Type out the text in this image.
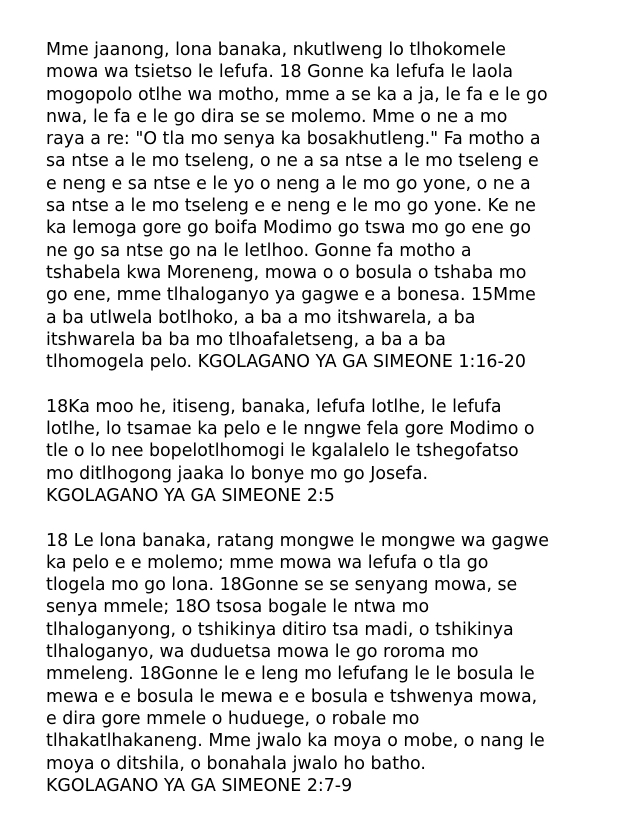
Mme jaanong, lona banaka, nkutlweng lo tlhokomele
mowa wa tsietso le lefufa. 18 Gonne ka lefufa le laola
mogopolo otlhe wa motho, mme a se ka a ja, le fa e le go
nwa, le fa e le go dira se se molemo. Mme o ne a mo
raya a re: "O tla mo senya ka bosakhutleng." Fa motho a
sa ntse a le mo tseleng, o ne a sa ntse a le mo tseleng e
e neng e sa ntse e le yo o neng a le mo go yone, o ne a
sa ntse a le mo tseleng e e neng e le mo go yone. Ke ne
ka lemoga gore go boifa Modimo go tswa mo go ene go
ne go sa ntse go na le letlhoo. Gonne fa motho a
tshabela kwa Moreneng, mowa o o bosula o tshaba mo
go ene, mme tlhaloganyo ya gagwe e a bonesa. 15Mme
a ba utlwela botlhoko, a ba a mo itshwarela, a ba
itshwarela ba ba mo tlhoafaletseng, a ba a ba
tlhomogela pelo. KGOLAGANO YA GA SIMEONE 1:16-20
18Ka moo he, itiseng, banaka, lefufa lotlhe, le lefufa
lotlhe, lo tsamae ka pelo e le nngwe fela gore Modimo o
tle o lo nee bopelotlhomogi le kgalalelo le tshegofatso
mo ditlhogong jaaka lo bonye mo go Josefa.
KGOLAGANO YA GA SIMEONE 2:5
18 Le lona banaka, ratang mongwe le mongwe wa gagwe
ka pelo e e molemo; mme mowa wa lefufa o tla go
tlogela mo go lona. 18Gonne se se senyang mowa, se
senya mmele; 18O tsosa bogale le ntwa mo
tlhaloganyong, o tshikinya ditiro tsa madi, o tshikinya
tlhaloganyo, wa duduetsa mowa le go roroma mo
mmeleng. 18Gonne le e leng mo lefufang le le bosula le
mewa e e bosula le mewa e e bosula e tshwenya mowa,
e dira gore mmele o huduege, o robale mo
tlhakatlhakaneng. Mme jwalo ka moya o mobe, o nang le
moya o ditshila, o bonahala jwalo ho batho.
KGOLAGANO YA GA SIMEONE 2:7-9
